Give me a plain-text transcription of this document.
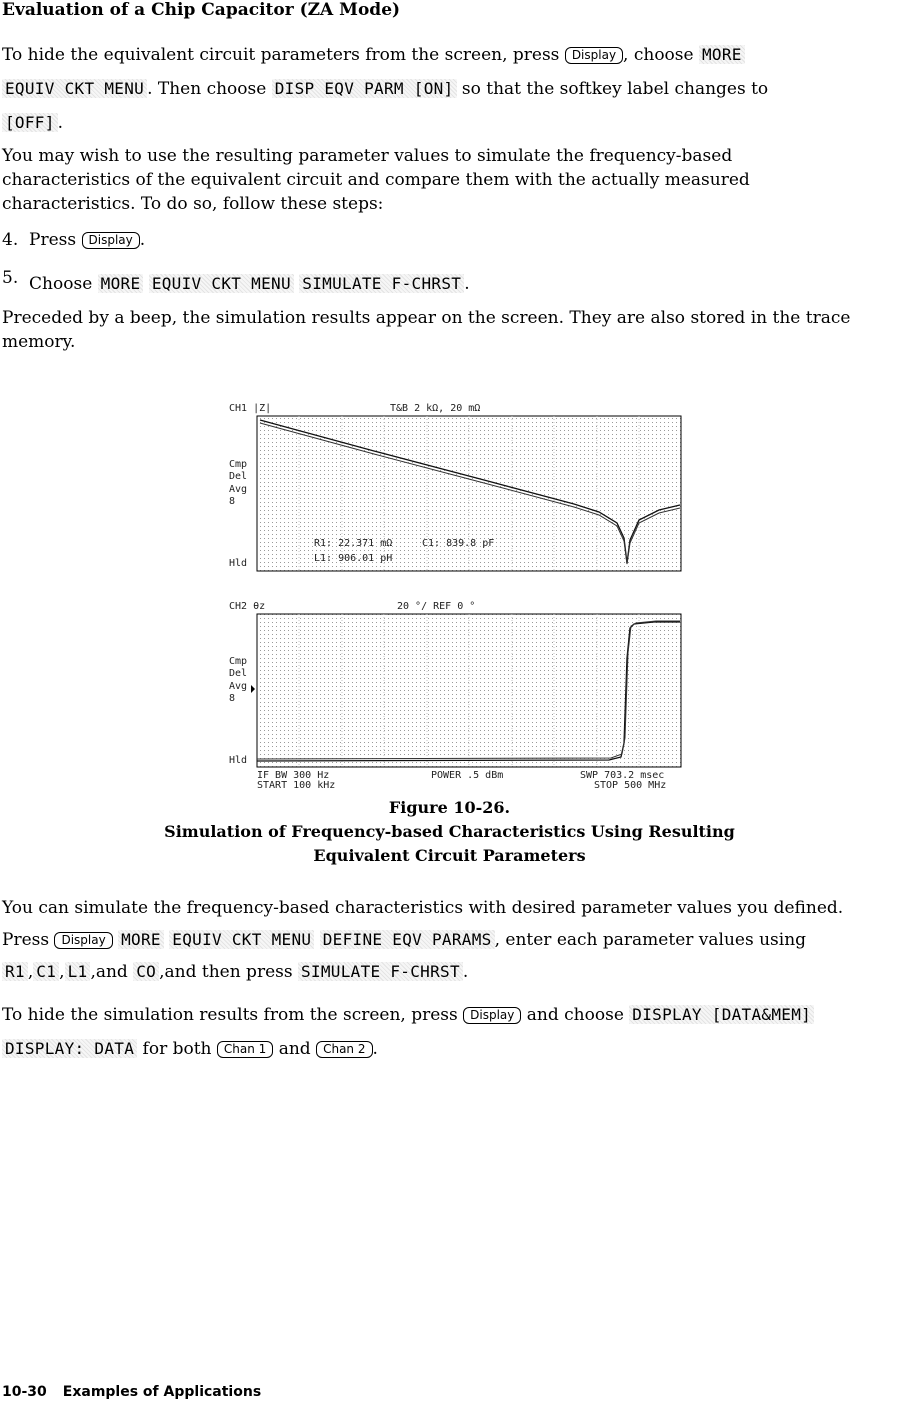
Evaluation of a Chip Capacitor (ZA Mode)
To hide the equivalent circuit parameters from the screen, press Display , choose MORE
EQUIV CKT MENU . Then choose DISP EQV PARM [ON] so that the softkey label changes to
[OFF] .
You may wish to use the resulting parameter values to simulate the frequency-based characteristics of the equivalent circuit and compare them with the actually measured characteristics. To do so, follow these steps:
4. Press Display .
5. Choose MORE EQUIV CKT MENU SIMULATE F-CHRST .
Preceded by a beep, the simulation results appear on the screen. They are also stored in the trace memory.
CH1 |Z|	T&B 2 kΩ, 20 mΩ
Cmp
Del
Avg
8
Hld
R1: 22.371 mΩ	C1: 839.8 pF
L1: 906.01 pH
CH2 θz	20 °/ REF 0 °
Cmp
Del
Avg
8
Hld
IF BW 300 Hz	POWER .5 dBm	SWP 703.2 msec
START 100 kHz	STOP 500 MHz
Figure 10-26.
Simulation of Frequency-based Characteristics Using Resulting
Equivalent Circuit Parameters
You can simulate the frequency-based characteristics with desired parameter values you defined. Press Display MORE EQUIV CKT MENU DEFINE EQV PARAMS , enter each parameter values using R1 , C1 , L1 ,and CO ,and then press SIMULATE F-CHRST .
To hide the simulation results from the screen, press Display and choose DISPLAY [DATA&MEM]
DISPLAY: DATA for both Chan 1 and Chan 2 .
10-30 Examples of Applications
